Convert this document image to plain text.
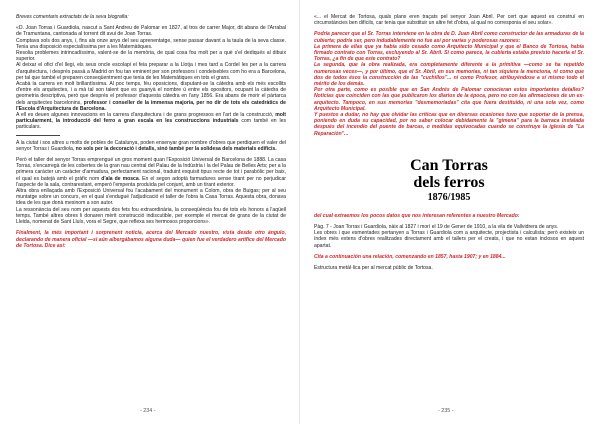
Breves comentaris extractats de la seva biografia:

«D. Joan Torras i Guardiola, nascut a Sant Andreu de Palomar en 1827, al tros de carrer Major, dit abans de l'Arrabal de Tramuntana, cantonada al torrent dit avui de Joan Torras.

Comptava sols dos anys, i, fins als onze anys del seu aprenentatge, sense passar davant a la taula de la seva classe. Tenia una disposició especialíssima per a les Matemàtiques.

Resolia problemes intrincadíssims, valent-se de la memòria, de qual cosa fou molt per a què s'el dediqués al dibuix superior.

Al deixar el ofici d'el llegi, els seus oncle escolapi el feia preparar a la Llotja i mes tard a Cordel les per a la carrera d'arquitectura, i després passà a Madrid on fou tan eminent per son professors i condeixebles com ho era a Barcelona, per tal que també el preparen conseqüentment que tenia de les Matemàtiques en tots el grans.

Acabà la carrera en molt brillantíssima. Al poc temps, féu oposicions, disputant-se la càtedra amb els més escollits d'entre els arquitectes, i a mà tal son talent que es guanyà el nombre ú entre els opositors, ocupant la càtedra de geometria descriptiva, però que després el professor d'aquesta càtedra en l'any 1856. Era abans de morir el pàrtarca dels arquitectes barcelonins, professor i conseller de la immensa majoria, per no dir de tots els catedràtics de l'Escola d'Arquitectura de Barcelona.

A ell es deuen algunes innovacions en la carrera d'arquitectura i de grans progressos en l'art de la construcció, molt particularment, la introducció del ferro a gran escala en les construccions industrials com també en les particulars.

A la ciutat i sos altres u molts de pobles de Catalunya, poden ensenyar gran nombre d'obres que perdiquen el valer del senyor Torras i Guardiola, no sols per la decoració i detalls, sinó també per la solidesa dels materials edificis.

Però el taller del senyor Torras emprengué un gros moment quan l'Exposició Universal de Barcelona de 1888. La casa Torras, s'encarregà de les cobertes de la gran nau central del Palau de la Indústria i la del Palau de Belles Arts; per a la primera caràcter un caràcter d'armadura, perfectament racional, traduint exquisit tipus recte de tot i parabòlic per baix, el qual es batejà amb el gràfic nom d'ala de mosca. En el segon adoptà farmadures sense tirant per no perjudicar l'aspecte de la sala, contrarestant, emperò l'empenta produïda pel conjunt, amb un tirant exterior.

Altra obra enllaçada amb l'Exposició Universal fou l'acabament del monument a Colom, obra de Buigas; per al seu muntatge sobre un concurs, en el qual s'endugué l'adjudicació el taller de l'obra la Casa Torras. Aquesta obra, donava idea de les que donà mesinom a son autor.

La ressonància del seu nom per aquests dos fets fou extraordinària, la conseqüència fou de tots els honors a l'aqüell temps. També altres obres li donaren mèrit construcció indiscutible, per exemple el mercat de grans de la ciutat de Lleida, nomenat de Sant Lluís, vora el Segre, que reflexa ses hermosos proporcions».

Finalment, la més important i sorprenent notícia, acerca del Mercado nuestro, vista desde otro ángulo, declarando de manera oficial —si aún albergábamos alguna duda— quien fue el verdadero artífice del Mercado de Tortosa. Dice así:

- 234 -

«... el Mercat de Tortosa, quals plans eren traçats pel senyor Joan Abril. Per cert que aquest es construí en circumstàncies ben difícils, car tenia que substituir un altre fet d'obra, al qual no corresponia el seu solar».

Podría parecer que el Sr. Torras interviene en la obra de D. Juan Abril como constructor de las armaduras de la cubierta; podría ser, pero indudablemente no fue así por varias y poderosas razones:

La primera de ellas que ya había sido cesado como Arquitecto Municipal y que el Banco de Tortosa, había firmado contrato con Torras, excluyendo al Sr. Abril. Si como parece, la cubierta estaba previsto hacerla el Sr. Torras, ¿a fin de que este contrato?

La segunda, que la obra realizada, era completamente diferente a la primitiva —como se ha repetido numerosas veces—, y por último, que el Sr. Abril, en sus memorias, ni tan siquiera la menciona, ni como que dos de todos ésos la construcción de las "cuchillos"... ni como Profesor, atribuyéndose a sí mismo todo el mérito de los demás.

Por otra parte, como es posible que en San Andrés de Palomar conocieran estos importantes detalles? Noticias que coinciden con las que publicaron los diarios de la época, pero no con las afirmaciones de un ex-arquitecto. Tampoco, en sus memorias "desmemoriadas" cita que fuera destituido, ni una sola vez, como Arquitecto Municipal.

Y puestos a dudar, no hay que olvidar las críticas que en diversas ocasiones tuvo que soportar de la prensa, poniendo en duda su capacidad, por no saber colocar debidamente la "gimena" para la barraca instalada después del incendio del puente de barcas, o medidas equivocadas cuando se construye la iglesia de "La Reparación"...

Can Torras
dels ferros
1876/1985

del cual extraemos los pocos datos que nos interesan referentes a nuestro Mercado:

Pàg. 7 - Joan Torras i Guardiola, nàix al 1827 i morí el 19 de Gener de 1910, a la vila de Vallvidrera de anys.

Les obres i que esmentades pertanyen a Torras i Guardiola com a arquitecte, projectista i calculista; però existeix un índex més extens d'obres realitzades directament amb el tallers per el creats, i que no estan inclosos en aquest apartat.

Cita a continuación una relación, comenzando en 1857, hasta 1907; y en 1884...

Estructura metàl·lica per al mercat públic de Tortosa.

- 235 -
